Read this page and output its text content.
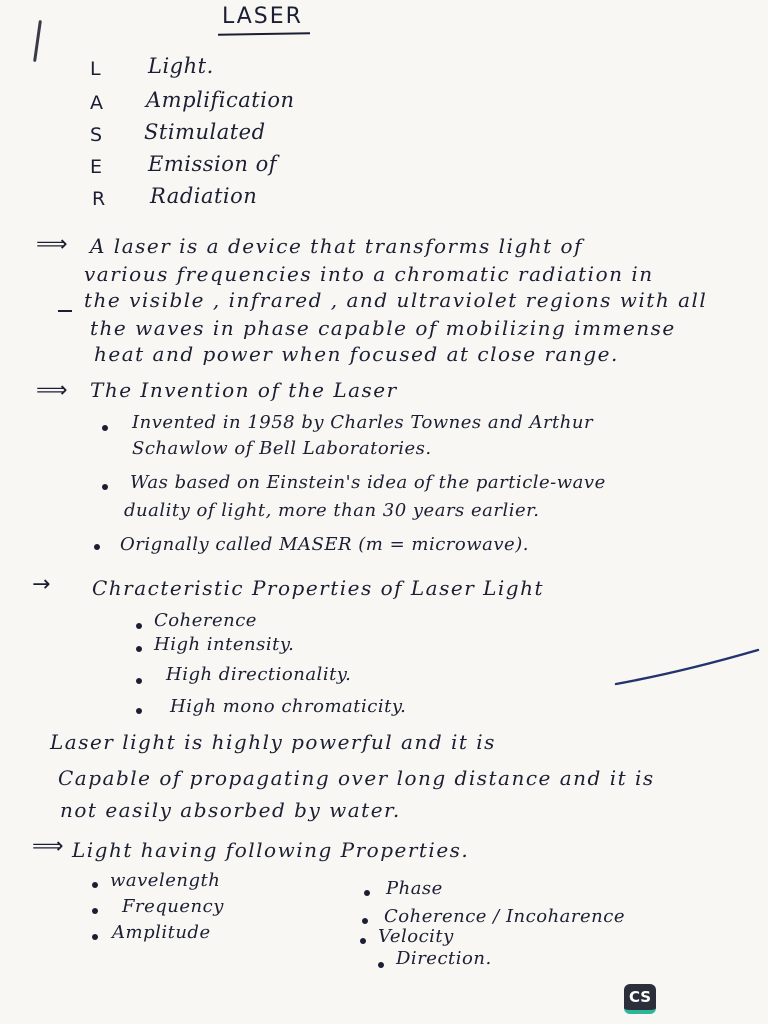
LASER
L Light.
A Amplification
S Stimulated
E Emission of
R Radiation
⟹ A laser is a device that transforms light of
various frequencies into a chromatic radiation in
the visible , infrared , and ultraviolet regions with all
the waves in phase capable of mobilizing immense
heat and power when focused at close range.
⟹ The Invention of the Laser
Invented in 1958 by Charles Townes and Arthur
Schawlow of Bell Laboratories.
Was based on Einstein's idea of the particle-wave
duality of light, more than 30 years earlier.
Orignally called MASER (m = microwave).
→ Chracteristic Properties of Laser Light
Coherence
High intensity.
High directionality.
High mono chromaticity.
Laser light is highly powerful and it is
Capable of propagating over long distance and it is
not easily absorbed by water.
⟹ Light having following Properties.
wavelength
Frequency
Amplitude
Phase
Coherence / Incoharence
Velocity
Direction.
CS
